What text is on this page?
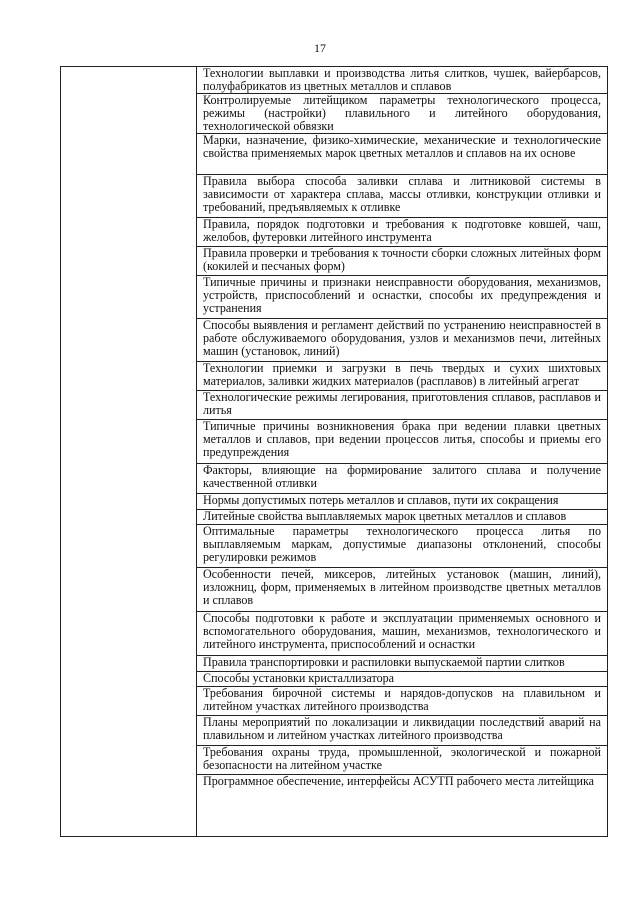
17
Технологии выплавки и производства литья слитков, чушек, вайербарсов, полуфабрикатов из цветных металлов и сплавов
Контролируемые литейщиком параметры технологического процесса, режимы (настройки) плавильного и литейного оборудования, технологической обвязки
Марки, назначение, физико-химические, механические и технологические свойства применяемых марок цветных металлов и сплавов на их основе
Правила выбора способа заливки сплава и литниковой системы в зависимости от характера сплава, массы отливки, конструкции отливки и требований, предъявляемых к отливке
Правила, порядок подготовки и требования к подготовке ковшей, чаш, желобов, футеровки литейного инструмента
Правила проверки и требования к точности сборки сложных литейных форм (кокилей и песчаных форм)
Типичные причины и признаки неисправности оборудования, механизмов, устройств, приспособлений и оснастки, способы их предупреждения и устранения
Способы выявления и регламент действий по устранению неисправностей в работе обслуживаемого оборудования, узлов и механизмов печи, литейных машин (установок, линий)
Технологии приемки и загрузки в печь твердых и сухих шихтовых материалов, заливки жидких материалов (расплавов) в литейный агрегат
Технологические режимы легирования, приготовления сплавов, расплавов и литья
Типичные причины возникновения брака при ведении плавки цветных металлов и сплавов, при ведении процессов литья, способы и приемы его предупреждения
Факторы, влияющие на формирование залитого сплава и получение качественной отливки
Нормы допустимых потерь металлов и сплавов, пути их сокращения
Литейные свойства выплавляемых марок цветных металлов и сплавов
Оптимальные параметры технологического процесса литья по выплавляемым маркам, допустимые диапазоны отклонений, способы регулировки режимов
Особенности печей, миксеров, литейных установок (машин, линий), изложниц, форм, применяемых в литейном производстве цветных металлов и сплавов
Способы подготовки к работе и эксплуатации применяемых основного и вспомогательного оборудования, машин, механизмов, технологического и литейного инструмента, приспособлений и оснастки
Правила транспортировки и распиловки выпускаемой партии слитков
Способы установки кристаллизатора
Требования бирочной системы и нарядов-допусков на плавильном и литейном участках литейного производства
Планы мероприятий по локализации и ликвидации последствий аварий на плавильном и литейном участках литейного производства
Требования охраны труда, промышленной, экологической и пожарной безопасности на литейном участке
Программное обеспечение, интерфейсы АСУТП рабочего места литейщика
